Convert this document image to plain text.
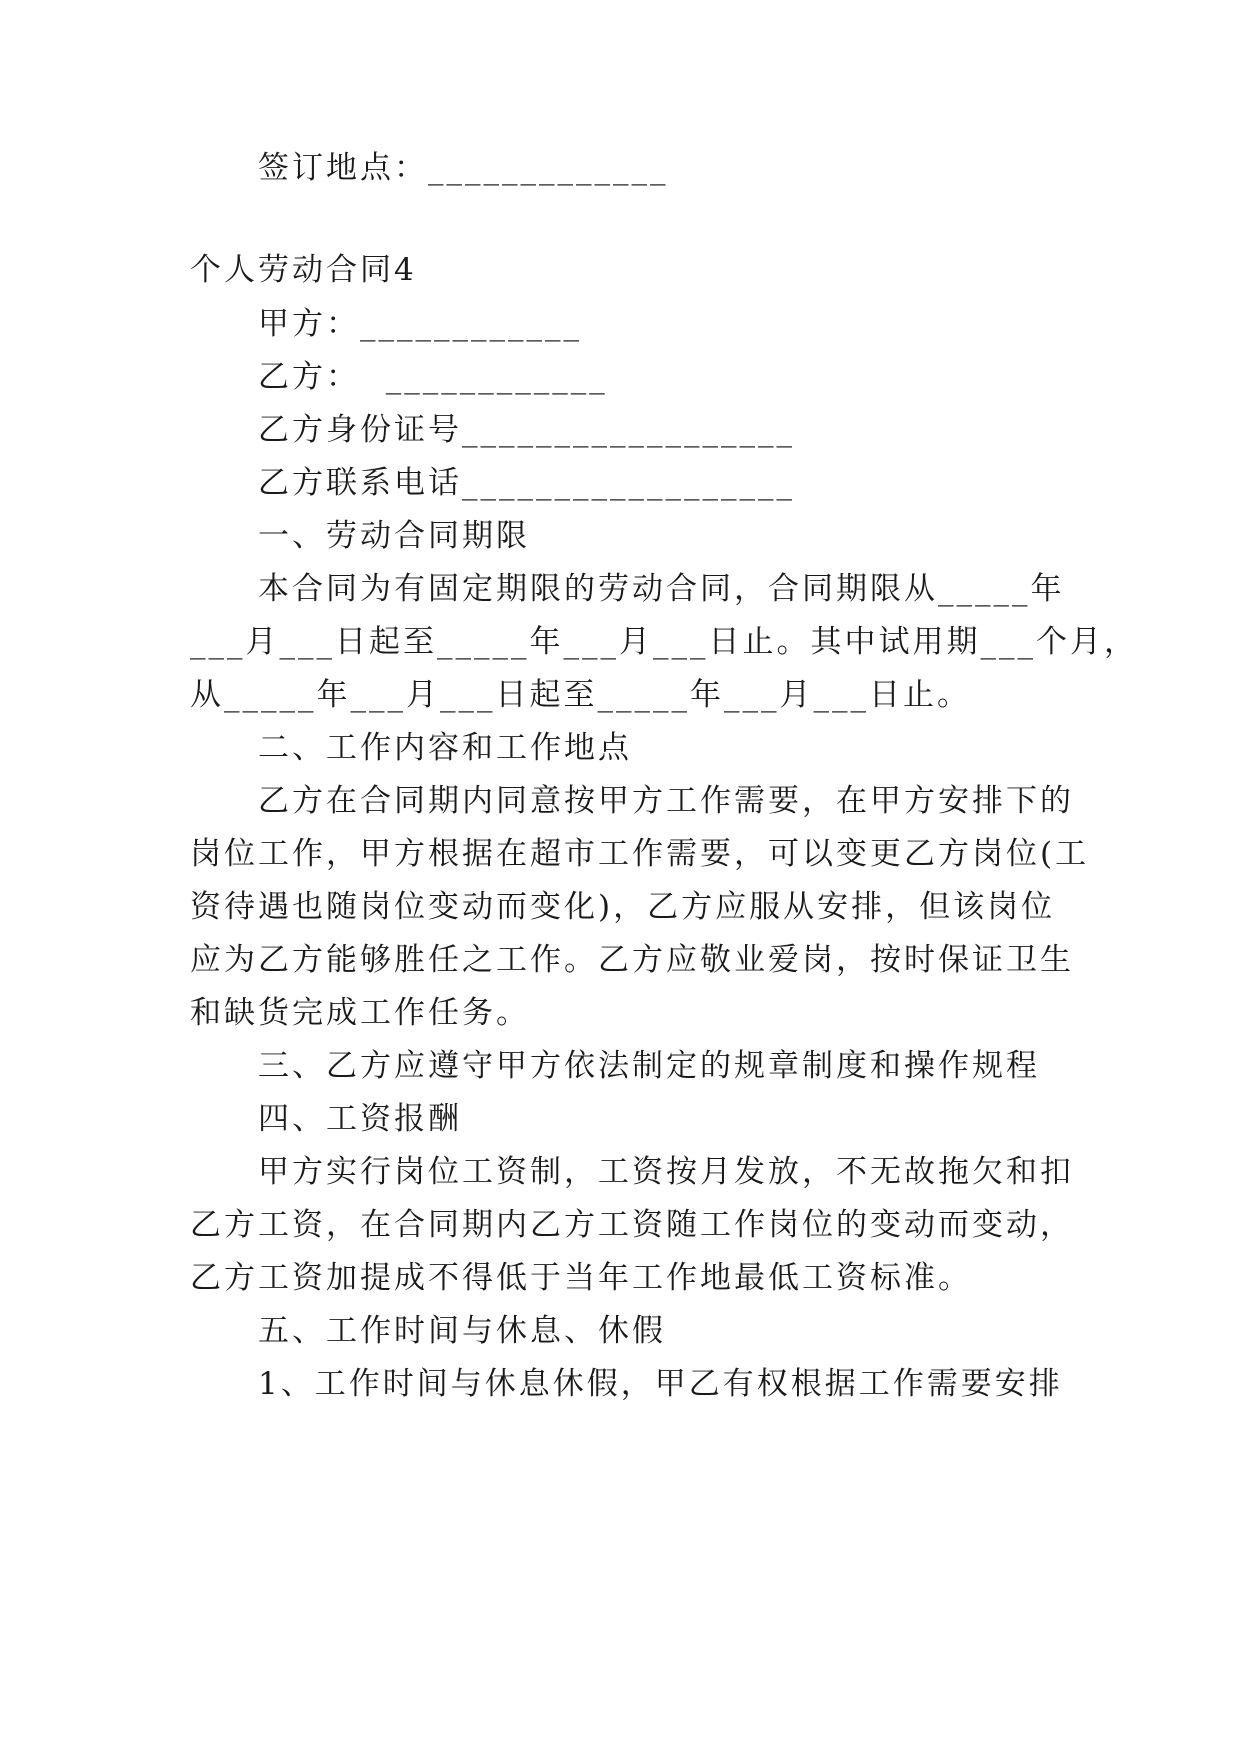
签订地点：_____________
个人劳动合同4
甲方：____________
乙方：  ____________
乙方身份证号__________________
乙方联系电话__________________
一、劳动合同期限
本合同为有固定期限的劳动合同，合同期限从_____年
___月___日起至_____年___月___日止。其中试用期___个月，
从_____年___月___日起至_____年___月___日止。
二、工作内容和工作地点
乙方在合同期内同意按甲方工作需要，在甲方安排下的
岗位工作，甲方根据在超市工作需要，可以变更乙方岗位(工
资待遇也随岗位变动而变化)，乙方应服从安排，但该岗位
应为乙方能够胜任之工作。乙方应敬业爱岗，按时保证卫生
和缺货完成工作任务。
三、乙方应遵守甲方依法制定的规章制度和操作规程
四、工资报酬
甲方实行岗位工资制，工资按月发放，不无故拖欠和扣
乙方工资，在合同期内乙方工资随工作岗位的变动而变动，
乙方工资加提成不得低于当年工作地最低工资标准。
五、工作时间与休息、休假
1、工作时间与休息休假，甲乙有权根据工作需要安排
